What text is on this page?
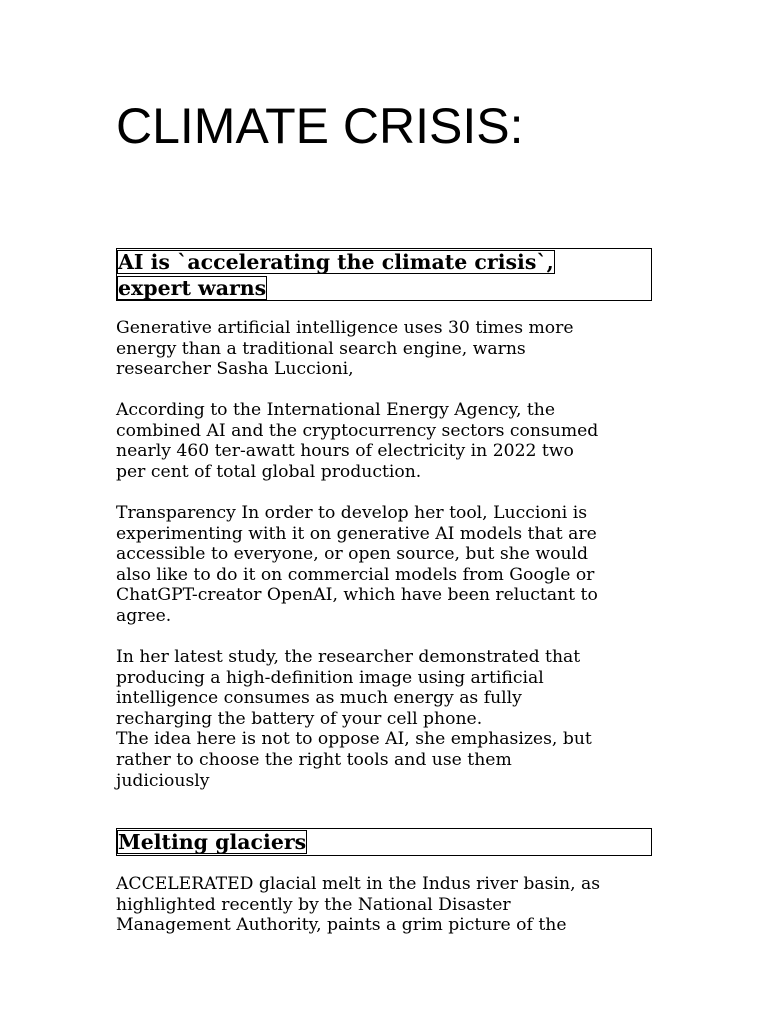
CLIMATE CRISIS:
AI is `accelerating the climate crisis`, expert warns

Generative artificial intelligence uses 30 times more
energy than a traditional search engine, warns
researcher Sasha Luccioni,

According to the International Energy Agency, the
combined AI and the cryptocurrency sectors consumed
nearly 460 ter-awatt hours of electricity in 2022 two
per cent of total global production.

Transparency In order to develop her tool, Luccioni is
experimenting with it on generative AI models that are
accessible to everyone, or open source, but she would
also like to do it on commercial models from Google or
ChatGPT-creator OpenAI, which have been reluctant to
agree.

In her latest study, the researcher demonstrated that
producing a high-definition image using artificial
intelligence consumes as much energy as fully
recharging the battery of your cell phone.
The idea here is not to oppose AI, she emphasizes, but
rather to choose the right tools and use them
judiciously

Melting glaciers

ACCELERATED glacial melt in the Indus river basin, as
highlighted recently by the National Disaster
Management Authority, paints a grim picture of the
